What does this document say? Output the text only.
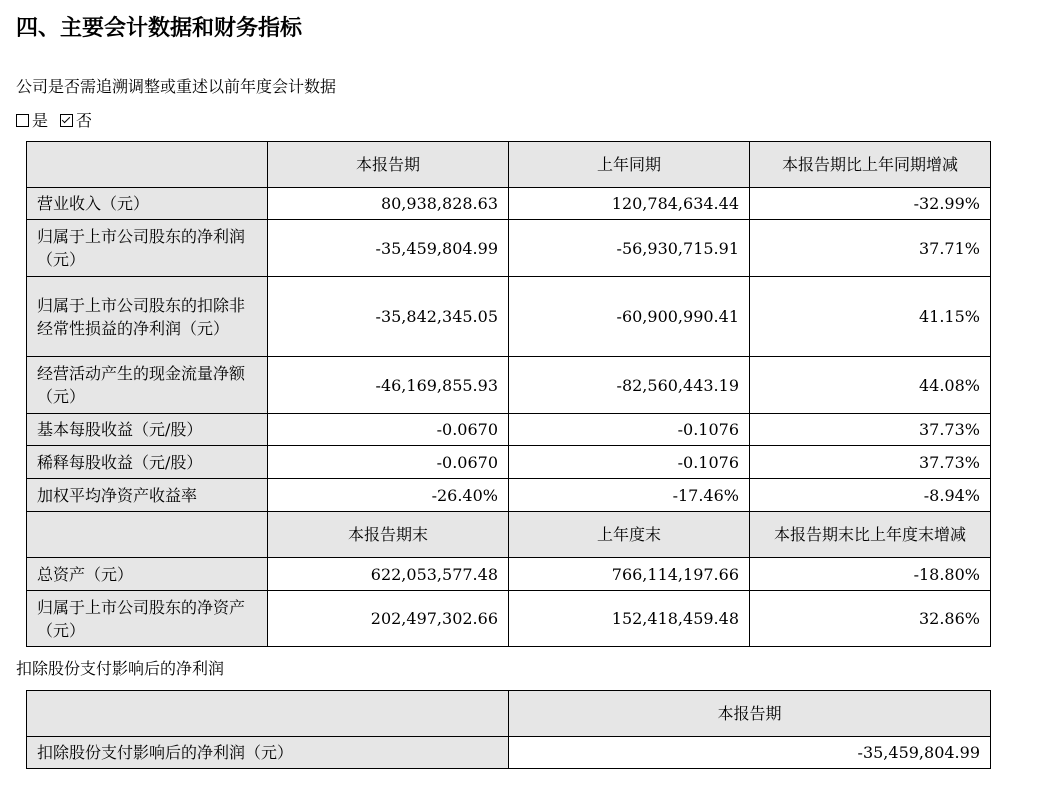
四、主要会计数据和财务指标

公司是否需追溯调整或重述以前年度会计数据

是 否
	本报告期	上年同期	本报告期比上年同期增减
营业收入（元）	80,938,828.63	120,784,634.44	-32.99%
归属于上市公司股东的净利润（元）	-35,459,804.99	-56,930,715.91	37.71%
归属于上市公司股东的扣除非经常性损益的净利润（元）	-35,842,345.05	-60,900,990.41	41.15%
经营活动产生的现金流量净额（元）	-46,169,855.93	-82,560,443.19	44.08%
基本每股收益（元/股）	-0.0670	-0.1076	37.73%
稀释每股收益（元/股）	-0.0670	-0.1076	37.73%
加权平均净资产收益率	-26.40%	-17.46%	-8.94%
	本报告期末	上年度末	本报告期末比上年度末增减
总资产（元）	622,053,577.48	766,114,197.66	-18.80%
归属于上市公司股东的净资产（元）	202,497,302.66	152,418,459.48	32.86%

扣除股份支付影响后的净利润

	本报告期
扣除股份支付影响后的净利润（元）	-35,459,804.99
